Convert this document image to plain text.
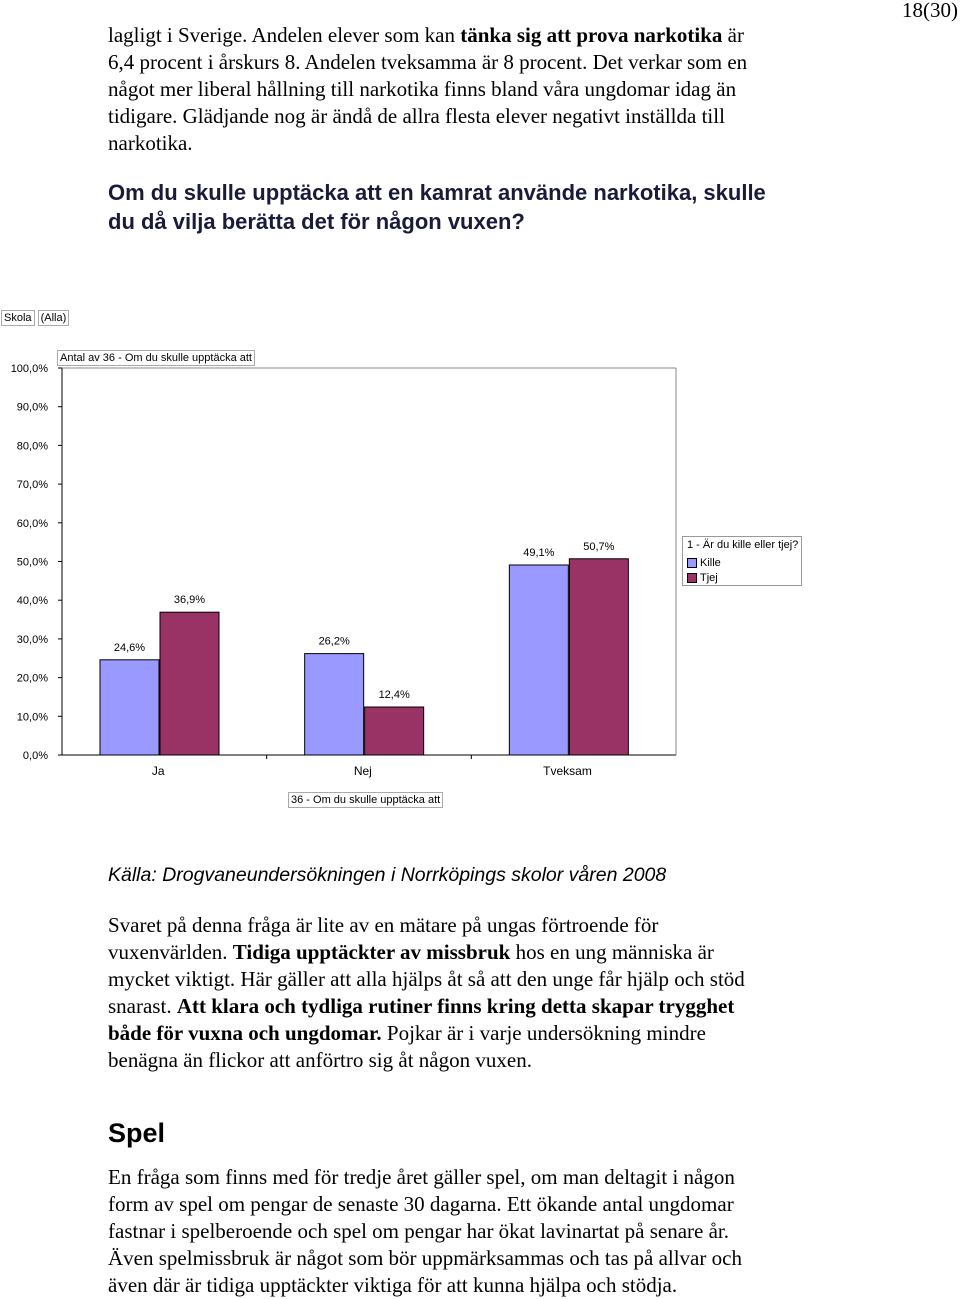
18(30)

lagligt i Sverige. Andelen elever som kan tänka sig att prova narkotika är
6,4 procent i årskurs 8. Andelen tveksamma är 8 procent. Det verkar som en
något mer liberal hållning till narkotika finns bland våra ungdomar idag än
tidigare. Glädjande nog är ändå de allra flesta elever negativt inställda till
narkotika.

Om du skulle upptäcka att en kamrat använde narkotika, skulle
du då vilja berätta det för någon vuxen?

Skola (Alla)
Antal av 36 - Om du skulle upptäcka att
36 - Om du skulle upptäcka att
1 - Är du kille eller tjej?
Kille
Tjej
0,0%
10,0%
20,0%
30,0%
40,0%
50,0%
60,0%
70,0%
80,0%
90,0%
100,0%
Ja
24,6%
36,9%
Nej
26,2%
12,4%
Tveksam
49,1%
50,7%

Källa: Drogvaneundersökningen i Norrköpings skolor våren 2008

Svaret på denna fråga är lite av en mätare på ungas förtroende för
vuxenvärlden. Tidiga upptäckter av missbruk hos en ung människa är
mycket viktigt. Här gäller att alla hjälps åt så att den unge får hjälp och stöd
snarast. Att klara och tydliga rutiner finns kring detta skapar trygghet
både för vuxna och ungdomar. Pojkar är i varje undersökning mindre
benägna än flickor att anförtro sig åt någon vuxen.

Spel

En fråga som finns med för tredje året gäller spel, om man deltagit i någon
form av spel om pengar de senaste 30 dagarna. Ett ökande antal ungdomar
fastnar i spelberoende och spel om pengar har ökat lavinartat på senare år.
Även spelmissbruk är något som bör uppmärksammas och tas på allvar och
även där är tidiga upptäckter viktiga för att kunna hjälpa och stödja.
